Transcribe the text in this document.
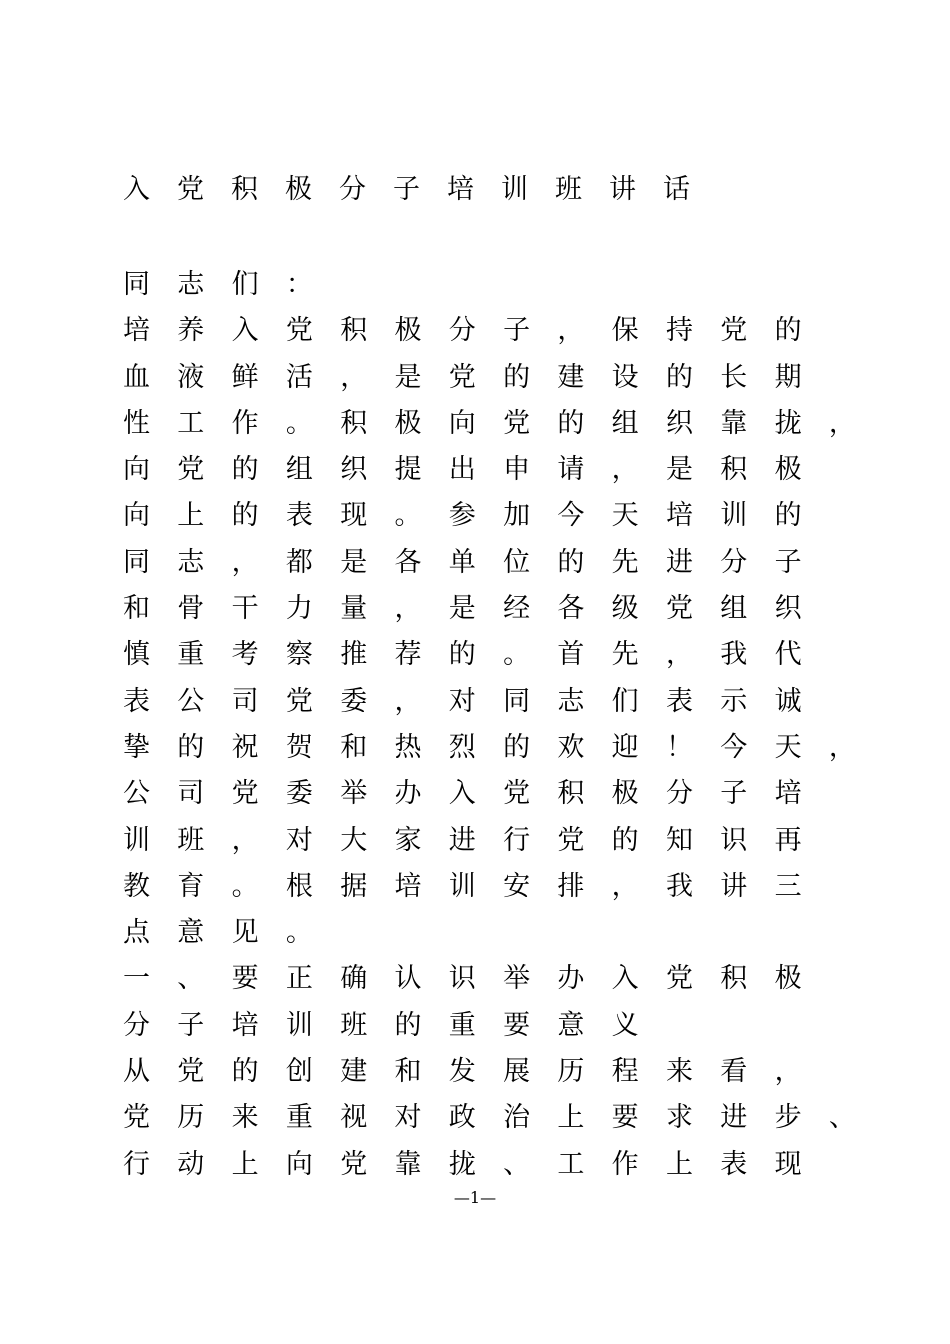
入党积极分子培训班讲话
同 志 们 ：
培 养 入 党 积 极 分 子 ， 保 持 党 的
血 液 鲜 活 ， 是 党 的 建 设 的 长 期
性 工 作 。 积 极 向 党 的 组 织 靠 拢 ，
向 党 的 组 织 提 出 申 请 ， 是 积 极
向 上 的 表 现 。 参 加 今 天 培 训 的
同 志 ， 都 是 各 单 位 的 先 进 分 子
和 骨 干 力 量 ， 是 经 各 级 党 组 织
慎 重 考 察 推 荐 的 。 首 先 ， 我 代
表 公 司 党 委 ， 对 同 志 们 表 示 诚
挚 的 祝 贺 和 热 烈 的 欢 迎 ！ 今 天 ，
公 司 党 委 举 办 入 党 积 极 分 子 培
训 班 ， 对 大 家 进 行 党 的 知 识 再
教 育 。 根 据 培 训 安 排 ， 我 讲 三
点 意 见 。
一 、 要 正 确 认 识 举 办 入 党 积 极
分 子 培 训 班 的 重 要 意 义
从 党 的 创 建 和 发 展 历 程 来 看 ，
党 历 来 重 视 对 政 治 上 要 求 进 步 、
行 动 上 向 党 靠 拢 、 工 作 上 表 现
—1—
